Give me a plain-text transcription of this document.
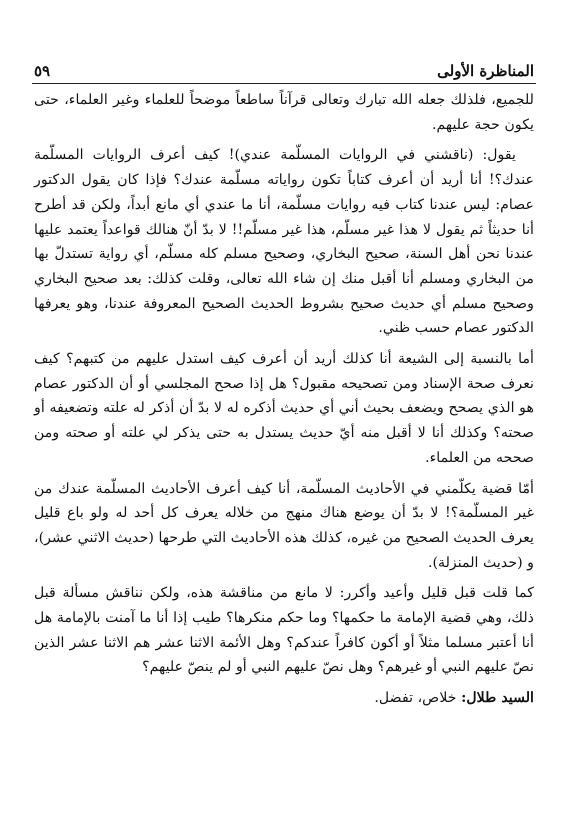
المناظرة الأولى
٥٩

للجميع، فلذلك جعله الله تبارك وتعالى قرآناً ساطعاً موضحاً للعلماء وغير العلماء، حتى يكون حجة عليهم.

يقول: (ناقشني في الروايات المسلّمة عندي)! كيف أعرف الروايات المسلّمة عندك؟! أنا أريد أن أعرف كتاباً تكون رواياته مسلّمة عندك؟ فإذا كان يقول الدكتور عصام: ليس عندنا كتاب فيه روايات مسلّمة، أنا ما عندي أي مانع أبداً، ولكن قد أطرح أنا حديثاً ثم يقول لا هذا غير مسلّم، هذا غير مسلّم!! لا بدّ أنّ هنالك قواعداً يعتمد عليها عندنا نحن أهل السنة، صحيح البخاري، وصحيح مسلم كله مسلّم، أي رواية تستدلّ بها من البخاري ومسلم أنا أقبل منك إن شاء الله تعالى، وقلت كذلك: بعد صحيح البخاري وصحيح مسلم أي حديث صحيح بشروط الحديث الصحيح المعروفة عندنا، وهو يعرفها الدكتور عصام حسب ظني.

أما بالنسبة إلى الشيعة أنا كذلك أريد أن أعرف كيف استدل عليهم من كتبهم؟ كيف نعرف صحة الإسناد ومن تصحيحه مقبول؟ هل إذا صحح المجلسي أو أن الدكتور عصام هو الذي يصحح ويضعف بحيث أني أي حديث أذكره له لا بدّ أن أذكر له علته وتضعيفه أو صحته؟ وكذلك أنا لا أقبل منه أيّ حديث يستدل به حتى يذكر لي علته أو صحته ومن صححه من العلماء.

أمّا قضية يكلّمني في الأحاديث المسلّمة، أنا كيف أعرف الأحاديث المسلّمة عندك من غير المسلّمة؟! لا بدّ أن يوضع هناك منهج من خلاله يعرف كل أحد له ولو باع قليل يعرف الحديث الصحيح من غيره، كذلك هذه الأحاديث التي طرحها (حديث الاثني عشر)، و (حديث المنزلة).

كما قلت قبل قليل وأعيد وأكرر: لا مانع من مناقشة هذه، ولكن نناقش مسألة قبل ذلك، وهي قضية الإمامة ما حكمها؟ وما حكم منكرها؟ طيب إذا أنا ما آمنت بالإمامة هل أنا أعتبر مسلما مثلاً أو أكون كافراً عندكم؟ وهل الأئمة الاثنا عشر هم الاثنا عشر الذين نصّ عليهم النبي أو غيرهم؟ وهل نصّ عليهم النبي أو لم ينصّ عليهم؟

السيد طلال: خلاص، تفضل.
